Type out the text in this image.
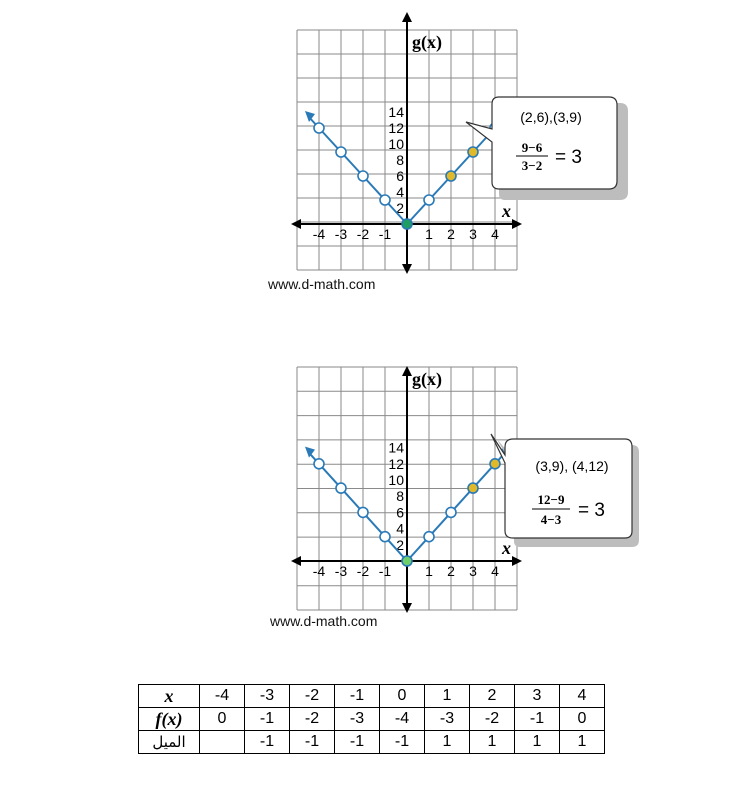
-4 -3 -2 -1 1 2 3 4
2
4
6
8
10
12
14
g(x)
x
(2,6),(3,9)
9−6
3−2 = 3
www.d-math.com
-4 -3 -2 -1 1 2 3 4
2
4
6
8
10
12
14
g(x)
x
(3,9), (4,12)
12−9
4−3 = 3
www.d-math.com
x	-4	-3	-2	-1	0	1	2	3	4
f(x)	0	-1	-2	-3	-4	-3	-2	-1	0
الميل		-1	-1	-1	-1	1	1	1	1
